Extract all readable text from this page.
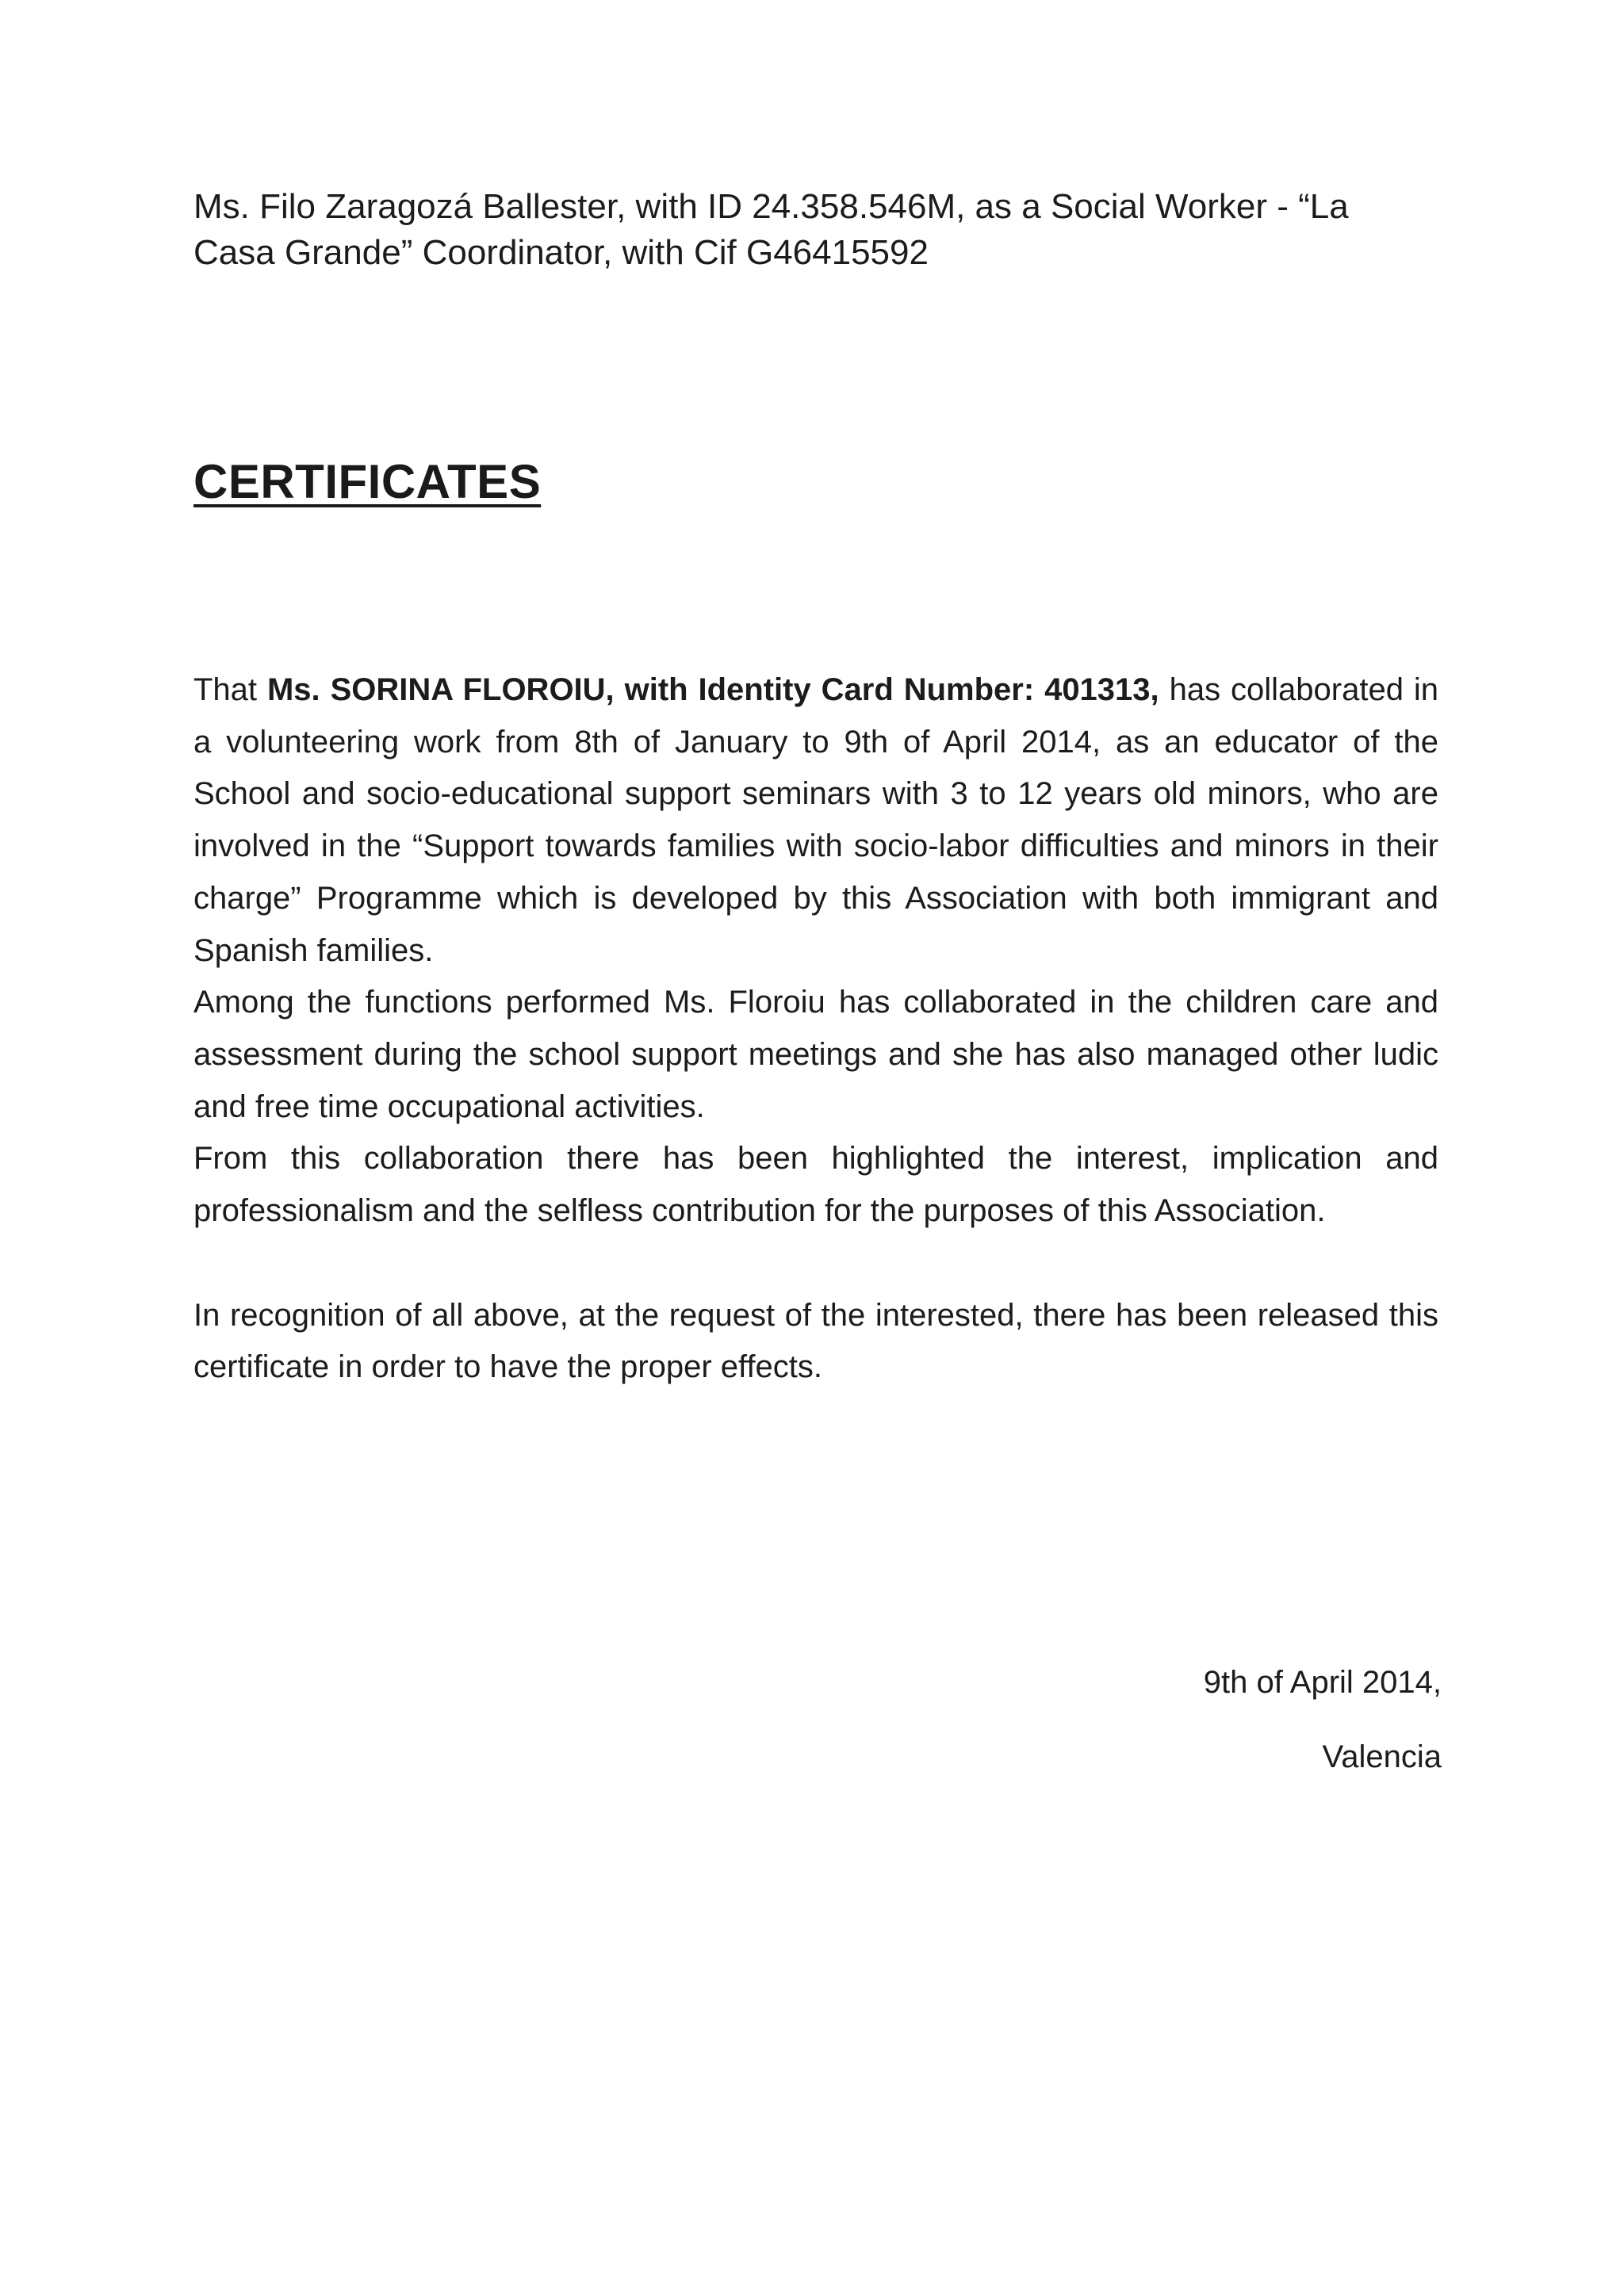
Ms. Filo Zaragozá Ballester, with ID 24.358.546M, as a Social Worker - “La
Casa Grande” Coordinator, with Cif G46415592
CERTIFICATES

That Ms. SORINA FLOROIU, with Identity Card Number: 401313, has collaborated in a volunteering work from 8th of January to 9th of April 2014, as an educator of the School and socio-educational support seminars with 3 to 12 years old minors, who are involved in the “Support towards families with socio-labor difficulties and minors in their charge” Programme which is developed by this Association with both immigrant and Spanish families.

Among the functions performed Ms. Floroiu has collaborated in the children care and assessment during the school support meetings and she has also managed other ludic and free time occupational activities.

From this collaboration there has been highlighted the interest, implication and professionalism and the selfless contribution for the purposes of this Association.

In recognition of all above, at the request of the interested, there has been released this certificate in order to have the proper effects.

9th of April 2014,
Valencia
